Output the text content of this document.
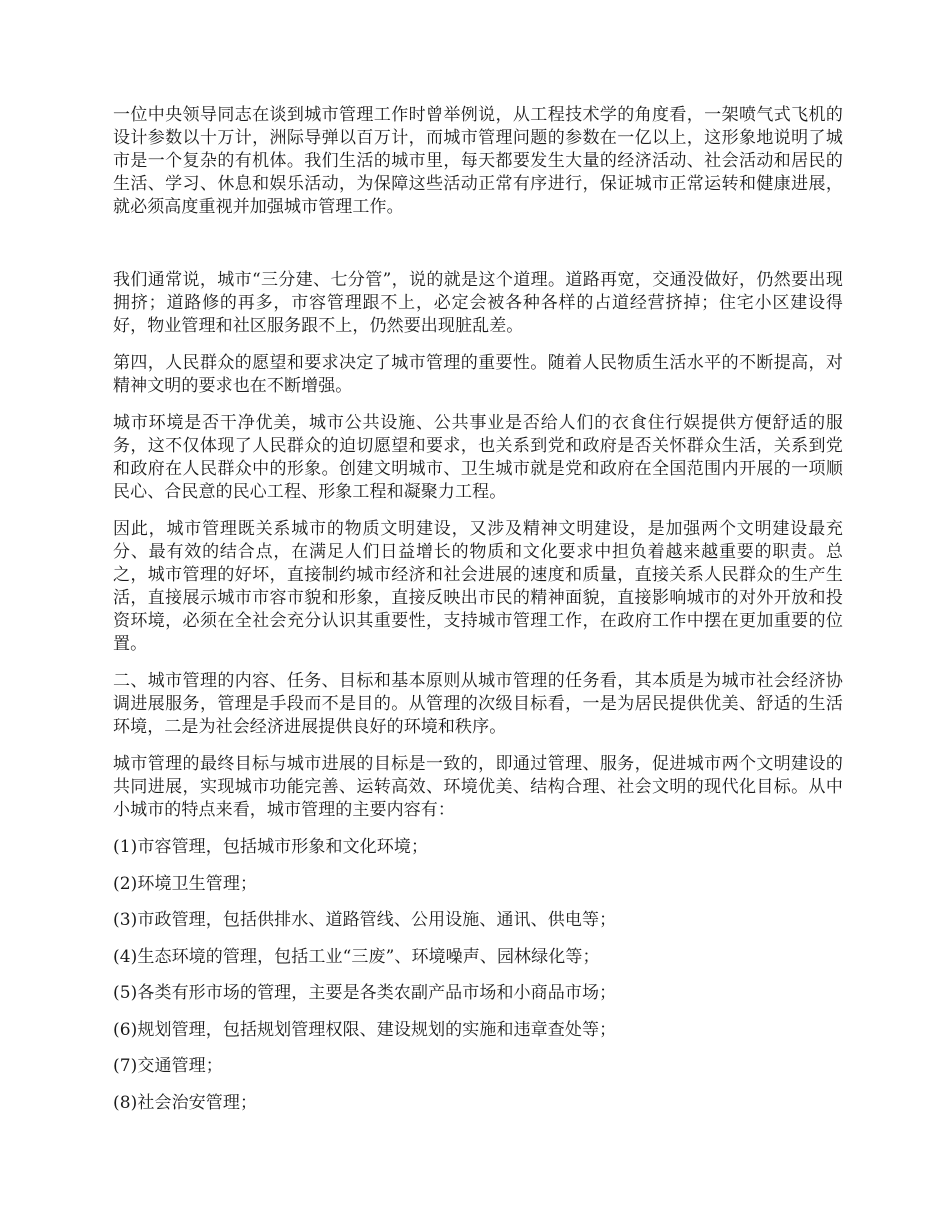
一位中央领导同志在谈到城市管理工作时曾举例说，从工程技术学的角度看，一架喷气式飞机的设计参数以十万计，洲际导弹以百万计，而城市管理问题的参数在一亿以上，这形象地说明了城市是一个复杂的有机体。我们生活的城市里，每天都要发生大量的经济活动、社会活动和居民的生活、学习、休息和娱乐活动，为保障这些活动正常有序进行，保证城市正常运转和健康进展，就必须高度重视并加强城市管理工作。

我们通常说，城市“三分建、七分管”，说的就是这个道理。道路再宽，交通没做好，仍然要出现拥挤；道路修的再多，市容管理跟不上，必定会被各种各样的占道经营挤掉；住宅小区建设得好，物业管理和社区服务跟不上，仍然要出现脏乱差。

第四，人民群众的愿望和要求决定了城市管理的重要性。随着人民物质生活水平的不断提高，对精神文明的要求也在不断增强。

城市环境是否干净优美，城市公共设施、公共事业是否给人们的衣食住行娱提供方便舒适的服务，这不仅体现了人民群众的迫切愿望和要求，也关系到党和政府是否关怀群众生活，关系到党和政府在人民群众中的形象。创建文明城市、卫生城市就是党和政府在全国范围内开展的一项顺民心、合民意的民心工程、形象工程和凝聚力工程。

因此，城市管理既关系城市的物质文明建设，又涉及精神文明建设，是加强两个文明建设最充分、最有效的结合点，在满足人们日益增长的物质和文化要求中担负着越来越重要的职责。总之，城市管理的好坏，直接制约城市经济和社会进展的速度和质量，直接关系人民群众的生产生活，直接展示城市市容市貌和形象，直接反映出市民的精神面貌，直接影响城市的对外开放和投资环境，必须在全社会充分认识其重要性，支持城市管理工作，在政府工作中摆在更加重要的位置。

二、城市管理的内容、任务、目标和基本原则从城市管理的任务看，其本质是为城市社会经济协调进展服务，管理是手段而不是目的。从管理的次级目标看，一是为居民提供优美、舒适的生活环境，二是为社会经济进展提供良好的环境和秩序。

城市管理的最终目标与城市进展的目标是一致的，即通过管理、服务，促进城市两个文明建设的共同进展，实现城市功能完善、运转高效、环境优美、结构合理、社会文明的现代化目标。从中小城市的特点来看，城市管理的主要内容有：

(1)市容管理，包括城市形象和文化环境；
(2)环境卫生管理；
(3)市政管理，包括供排水、道路管线、公用设施、通讯、供电等；
(4)生态环境的管理，包括工业“三废”、环境噪声、园林绿化等；
(5)各类有形市场的管理，主要是各类农副产品市场和小商品市场；
(6)规划管理，包括规划管理权限、建设规划的实施和违章查处等；
(7)交通管理；
(8)社会治安管理；
